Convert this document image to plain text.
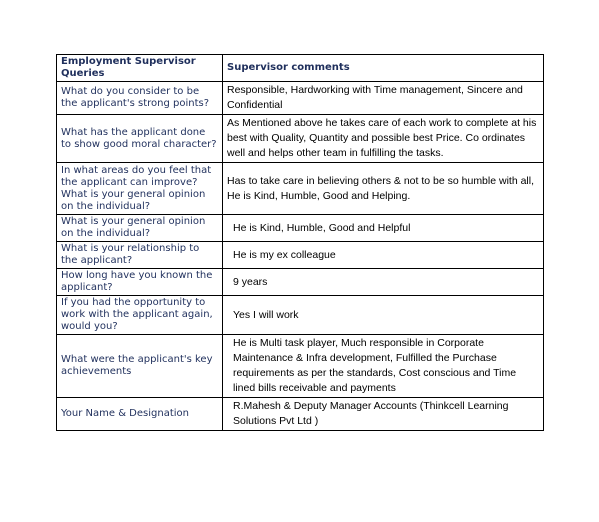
Employment Supervisor Queries	Supervisor comments
What do you consider to be the applicant's strong points?	Responsible, Hardworking with Time management, Sincere and Confidential
What has the applicant done to show good moral character?	As Mentioned above he takes care of each work to complete at his best with Quality, Quantity and possible best Price. Co ordinates well and helps other team in fulfilling the tasks.
In what areas do you feel that the applicant can improve? What is your general opinion on the individual?	Has to take care in believing others & not to be so humble with all, He is Kind, Humble, Good and Helping.
What is your general opinion on the individual?	He is Kind, Humble, Good and Helpful
What is your relationship to the applicant?	He is my ex colleague
How long have you known the applicant?	9 years
If you had the opportunity to work with the applicant again, would you?	Yes I will work
What were the applicant's key achievements	He is Multi task player, Much responsible in Corporate Maintenance & Infra development, Fulfilled the Purchase requirements as per the standards, Cost conscious and Time lined bills receivable and payments
Your Name & Designation	R.Mahesh & Deputy Manager Accounts (Thinkcell Learning Solutions Pvt Ltd )
